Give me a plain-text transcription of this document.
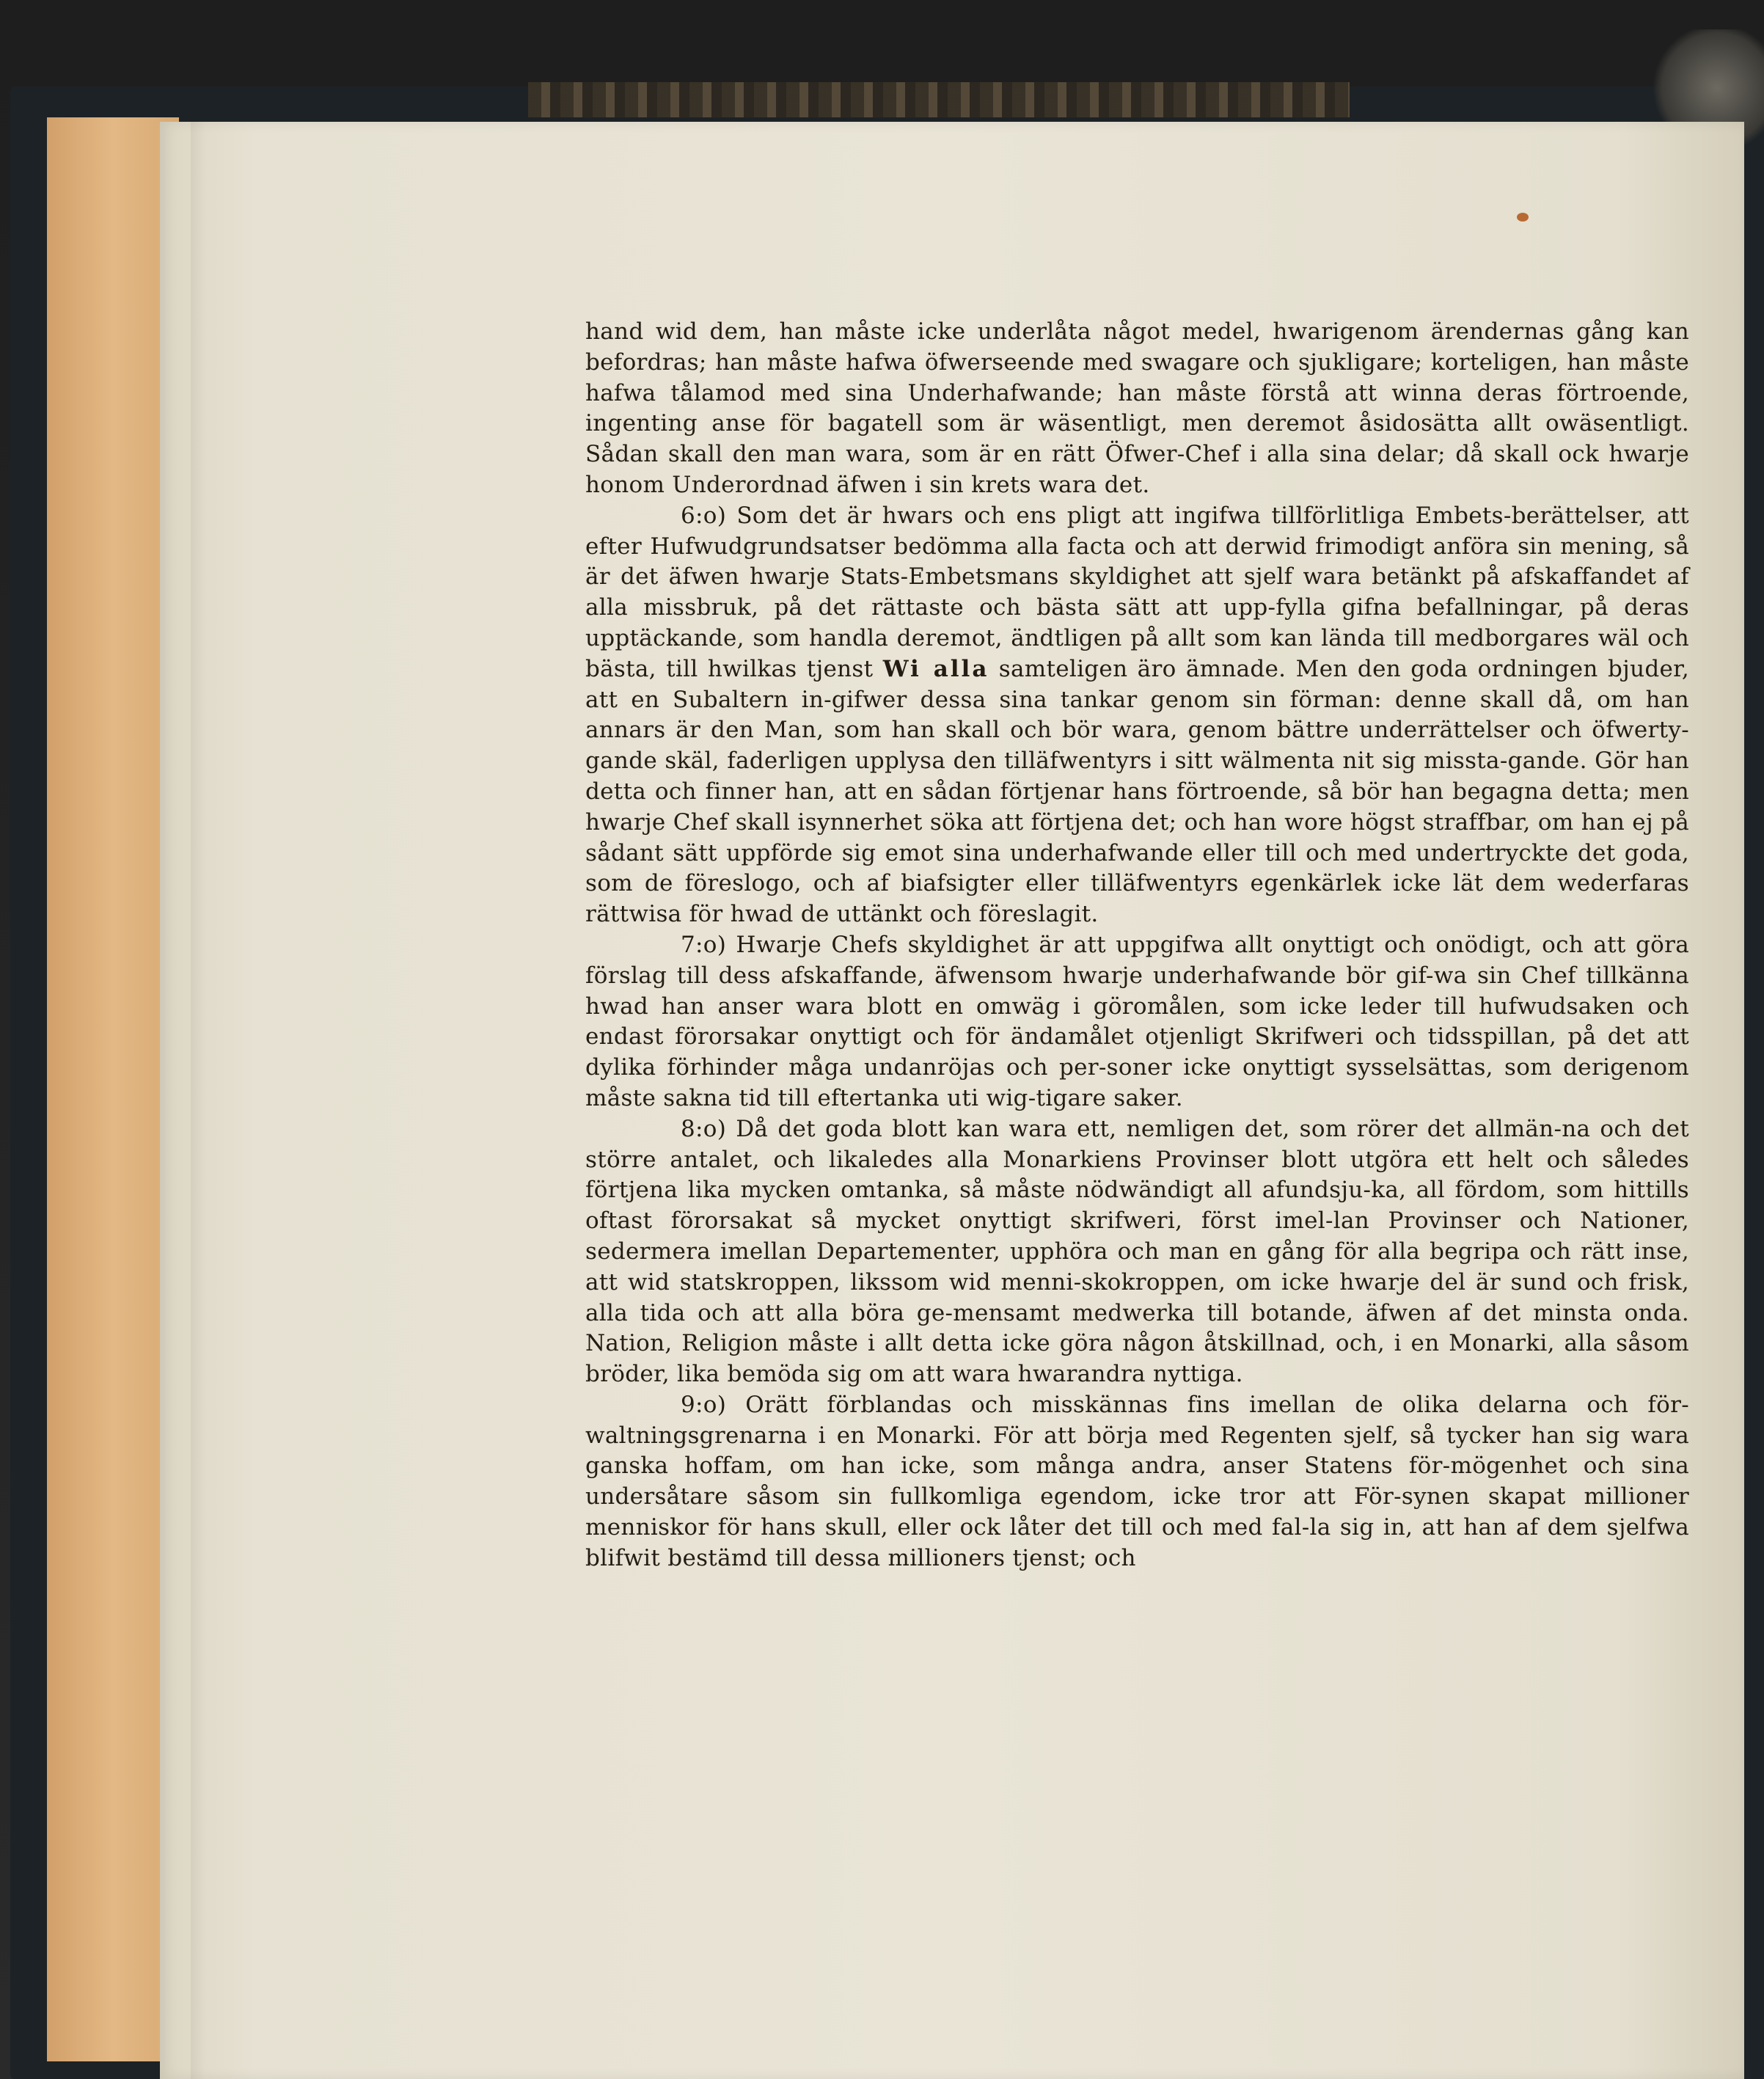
hand wid dem, han måste icke underlåta något medel, hwarigenom ärendernas gång kan befordras; han måste hafwa öfwerseende med swagare och sjukligare; korteligen, han måste hafwa tålamod med sina Underhafwande; han måste förstå att winna deras förtroende, ingenting anse för bagatell som är wäsentligt, men deremot åsidosätta allt owäsentligt. Sådan skall den man wara, som är en rätt Öfwer-Chef i alla sina delar; då skall ock hwarje honom Underordnad äfwen i sin krets wara det.

6:o) Som det är hwars och ens pligt att ingifwa tillförlitliga Embets-berättelser, att efter Hufwudgrundsatser bedömma alla facta och att derwid frimodigt anföra sin mening, så är det äfwen hwarje Stats-Embetsmans skyldighet att sjelf wara betänkt på afskaffandet af alla missbruk, på det rättaste och bästa sätt att upp-fylla gifna befallningar, på deras upptäckande, som handla deremot, ändtligen på allt som kan lända till medborgares wäl och bästa, till hwilkas tjenst Wi alla samteligen äro ämnade. Men den goda ordningen bjuder, att en Subaltern in-gifwer dessa sina tankar genom sin förman: denne skall då, om han annars är den Man, som han skall och bör wara, genom bättre underrättelser och öfwerty-gande skäl, faderligen upplysa den tilläfwentyrs i sitt wälmenta nit sig missta-gande. Gör han detta och finner han, att en sådan förtjenar hans förtroende, så bör han begagna detta; men hwarje Chef skall isynnerhet söka att förtjena det; och han wore högst straffbar, om han ej på sådant sätt uppförde sig emot sina underhafwande eller till och med undertryckte det goda, som de föreslogo, och af biafsigter eller tilläfwentyrs egenkärlek icke lät dem wederfaras rättwisa för hwad de uttänkt och föreslagit.

7:o) Hwarje Chefs skyldighet är att uppgifwa allt onyttigt och onödigt, och att göra förslag till dess afskaffande, äfwensom hwarje underhafwande bör gif-wa sin Chef tillkänna hwad han anser wara blott en omwäg i göromålen, som icke leder till hufwudsaken och endast förorsakar onyttigt och för ändamålet otjenligt Skrifweri och tidsspillan, på det att dylika förhinder måga undanröjas och per-soner icke onyttigt sysselsättas, som derigenom måste sakna tid till eftertanka uti wig-tigare saker.

8:o) Då det goda blott kan wara ett, nemligen det, som rörer det allmän-na och det större antalet, och likaledes alla Monarkiens Provinser blott utgöra ett helt och således förtjena lika mycken omtanka, så måste nödwändigt all afundsju-ka, all fördom, som hittills oftast förorsakat så mycket onyttigt skrifweri, först imel-lan Provinser och Nationer, sedermera imellan Departementer, upphöra och man en gång för alla begripa och rätt inse, att wid statskroppen, likssom wid menni-skokroppen, om icke hwarje del är sund och frisk, alla tida och att alla böra ge-mensamt medwerka till botande, äfwen af det minsta onda. Nation, Religion måste i allt detta icke göra någon åtskillnad, och, i en Monarki, alla såsom bröder, lika bemöda sig om att wara hwarandra nyttiga.

9:o) Orätt förblandas och misskännas fins imellan de olika delarna och för-waltningsgrenarna i en Monarki. För att börja med Regenten sjelf, så tycker han sig wara ganska hoffam, om han icke, som många andra, anser Statens för-mögenhet och sina undersåtare såsom sin fullkomliga egendom, icke tror att För-synen skapat millioner menniskor för hans skull, eller ock låter det till och med fal-la sig in, att han af dem sjelfwa blifwit bestämd till dessa millioners tjenst; och
